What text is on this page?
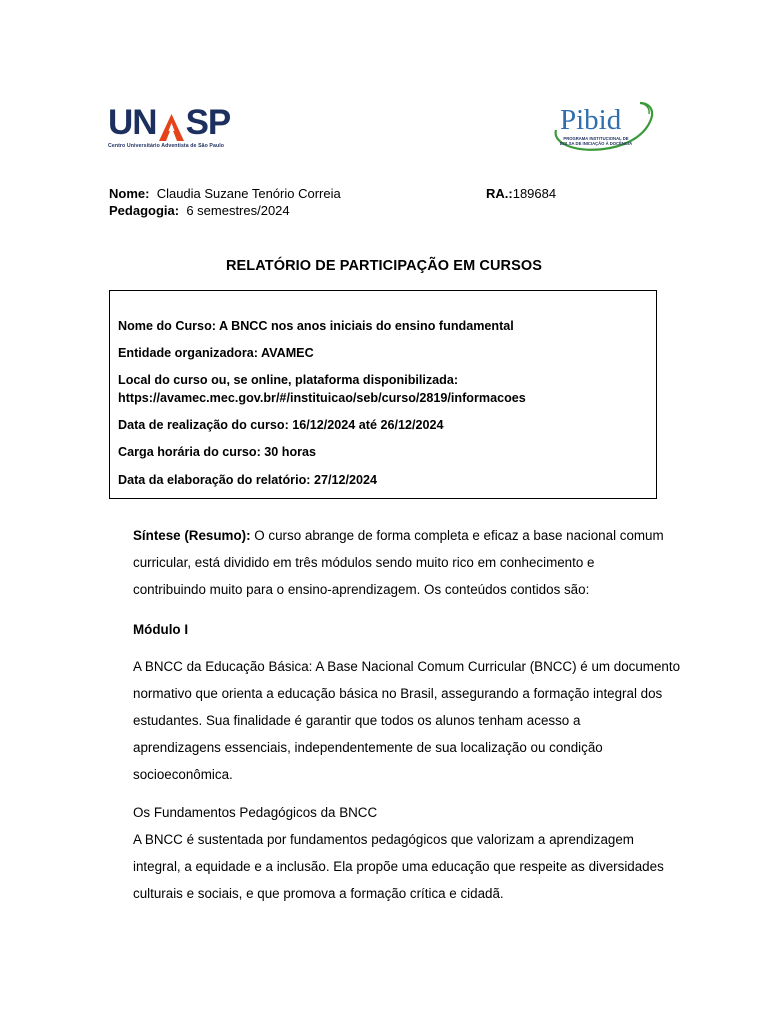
UN SP
Centro Universitário Adventista de São Paulo
Pibid
PROGRAMA INSTITUCIONAL DE
BOLSA DE INICIAÇÃO À DOCÊNCIA
Nome: Claudia Suzane Tenório Correia	RA.:189684
Pedagogia: 6 semestres/2024
RELATÓRIO DE PARTICIPAÇÃO EM CURSOS
Nome do Curso: A BNCC nos anos iniciais do ensino fundamental
Entidade organizadora: AVAMEC
Local do curso ou, se online, plataforma disponibilizada:
https://avamec.mec.gov.br/#/instituicao/seb/curso/2819/informacoes
Data de realização do curso: 16/12/2024 até 26/12/2024
Carga horária do curso: 30 horas
Data da elaboração do relatório: 27/12/2024
Síntese (Resumo): O curso abrange de forma completa e eficaz a base nacional comum
curricular, está dividido em três módulos sendo muito rico em conhecimento e
contribuindo muito para o ensino-aprendizagem. Os conteúdos contidos são:
Módulo I
A BNCC da Educação Básica: A Base Nacional Comum Curricular (BNCC) é um documento
normativo que orienta a educação básica no Brasil, assegurando a formação integral dos
estudantes. Sua finalidade é garantir que todos os alunos tenham acesso a
aprendizagens essenciais, independentemente de sua localização ou condição
socioeconômica.
Os Fundamentos Pedagógicos da BNCC
A BNCC é sustentada por fundamentos pedagógicos que valorizam a aprendizagem
integral, a equidade e a inclusão. Ela propõe uma educação que respeite as diversidades
culturais e sociais, e que promova a formação crítica e cidadã.
